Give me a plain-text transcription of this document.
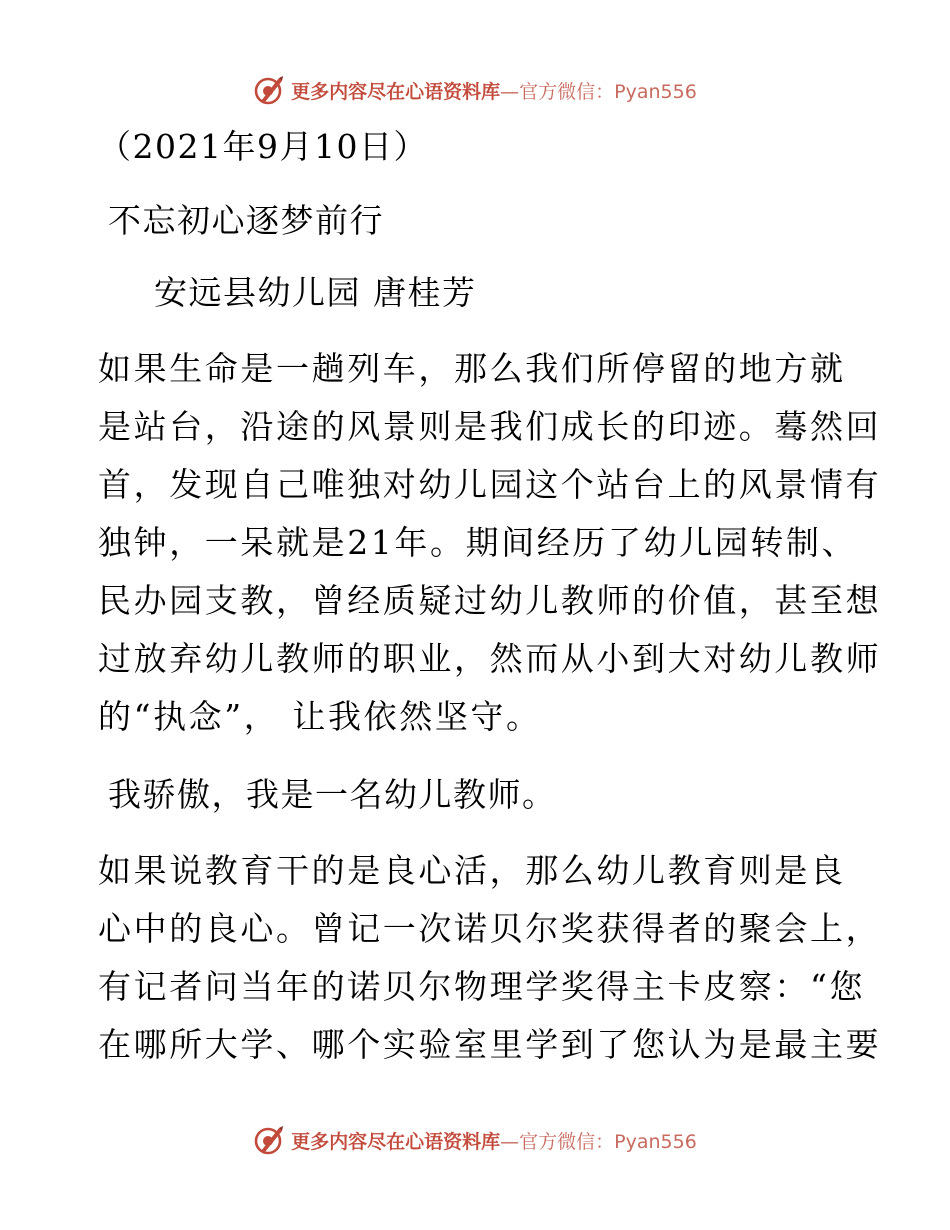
更多内容尽在心语资料库—官方微信：Pyan556
（2021年9月10日）
不忘初心逐梦前行
安远县幼儿园 唐桂芳
如果生命是一趟列车，那么我们所停留的地方就
是站台，沿途的风景则是我们成长的印迹。蓦然回
首，发现自己唯独对幼儿园这个站台上的风景情有
独钟，一呆就是21年。期间经历了幼儿园转制、
民办园支教，曾经质疑过幼儿教师的价值，甚至想
过放弃幼儿教师的职业，然而从小到大对幼儿教师
的“执念”， 让我依然坚守。
我骄傲，我是一名幼儿教师。
如果说教育干的是良心活，那么幼儿教育则是良
心中的良心。曾记一次诺贝尔奖获得者的聚会上，
有记者问当年的诺贝尔物理学奖得主卡皮察：“您
在哪所大学、哪个实验室里学到了您认为是最主要
更多内容尽在心语资料库—官方微信：Pyan556
